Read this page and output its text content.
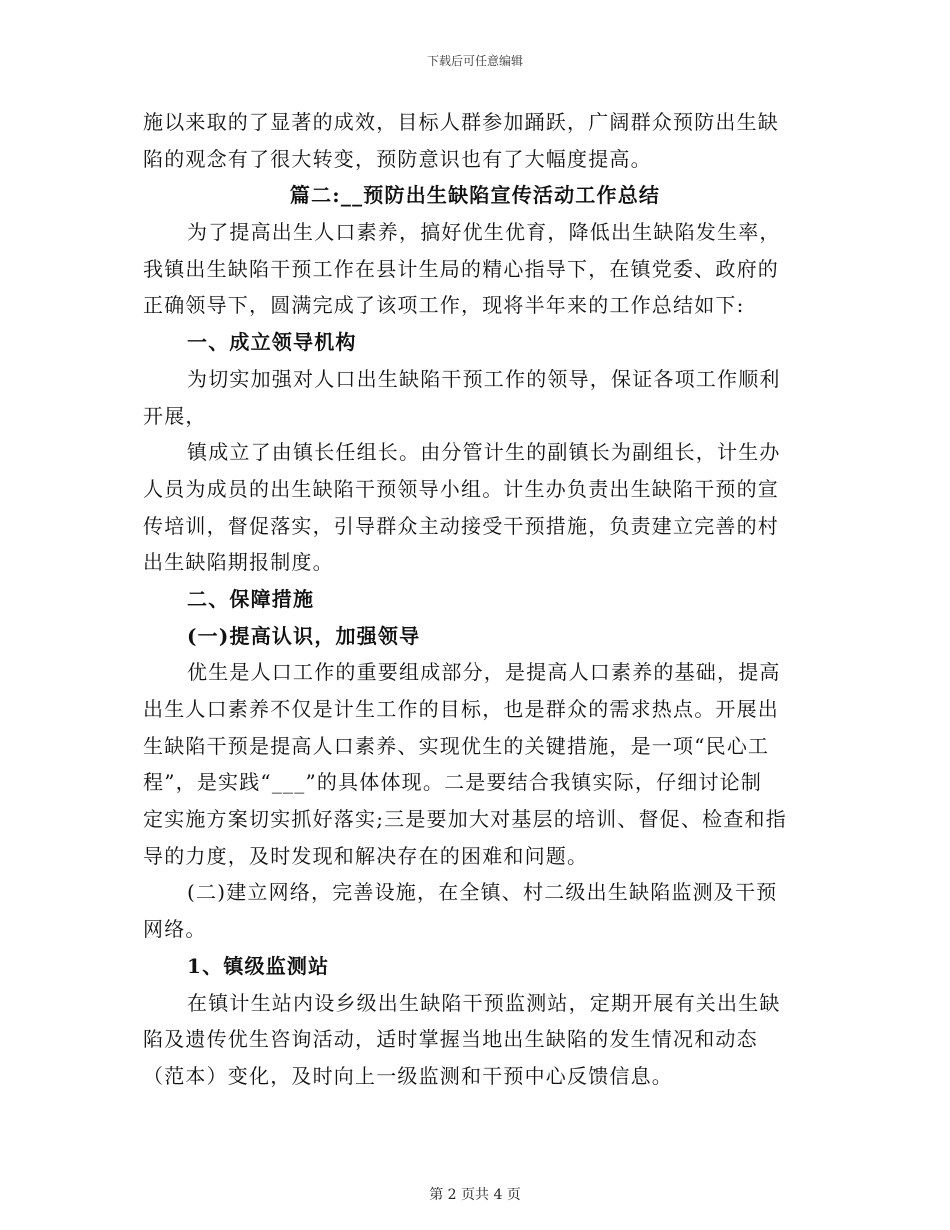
下载后可任意编辑
施以来取的了显著的成效，目标人群参加踊跃，广阔群众预防出生缺
陷的观念有了很大转变，预防意识也有了大幅度提高。
篇二:__预防出生缺陷宣传活动工作总结
为了提高出生人口素养，搞好优生优育，降低出生缺陷发生率，
我镇出生缺陷干预工作在县计生局的精心指导下，在镇党委、政府的
正确领导下，圆满完成了该项工作，现将半年来的工作总结如下:
一、成立领导机构
为切实加强对人口出生缺陷干预工作的领导，保证各项工作顺利
开展，
镇成立了由镇长任组长。由分管计生的副镇长为副组长，计生办
人员为成员的出生缺陷干预领导小组。计生办负责出生缺陷干预的宣
传培训，督促落实，引导群众主动接受干预措施，负责建立完善的村
出生缺陷期报制度。
二、保障措施
(一)提高认识，加强领导
优生是人口工作的重要组成部分，是提高人口素养的基础，提高
出生人口素养不仅是计生工作的目标，也是群众的需求热点。开展出
生缺陷干预是提高人口素养、实现优生的关键措施，是一项“民心工
程”，是实践“___”的具体体现。二是要结合我镇实际，仔细讨论制
定实施方案切实抓好落实;三是要加大对基层的培训、督促、检查和指
导的力度，及时发现和解决存在的困难和问题。
(二)建立网络，完善设施，在全镇、村二级出生缺陷监测及干预
网络。
1、镇级监测站
在镇计生站内设乡级出生缺陷干预监测站，定期开展有关出生缺
陷及遗传优生咨询活动，适时掌握当地出生缺陷的发生情况和动态
（范本）变化，及时向上一级监测和干预中心反馈信息。
第 2 页共 4 页
